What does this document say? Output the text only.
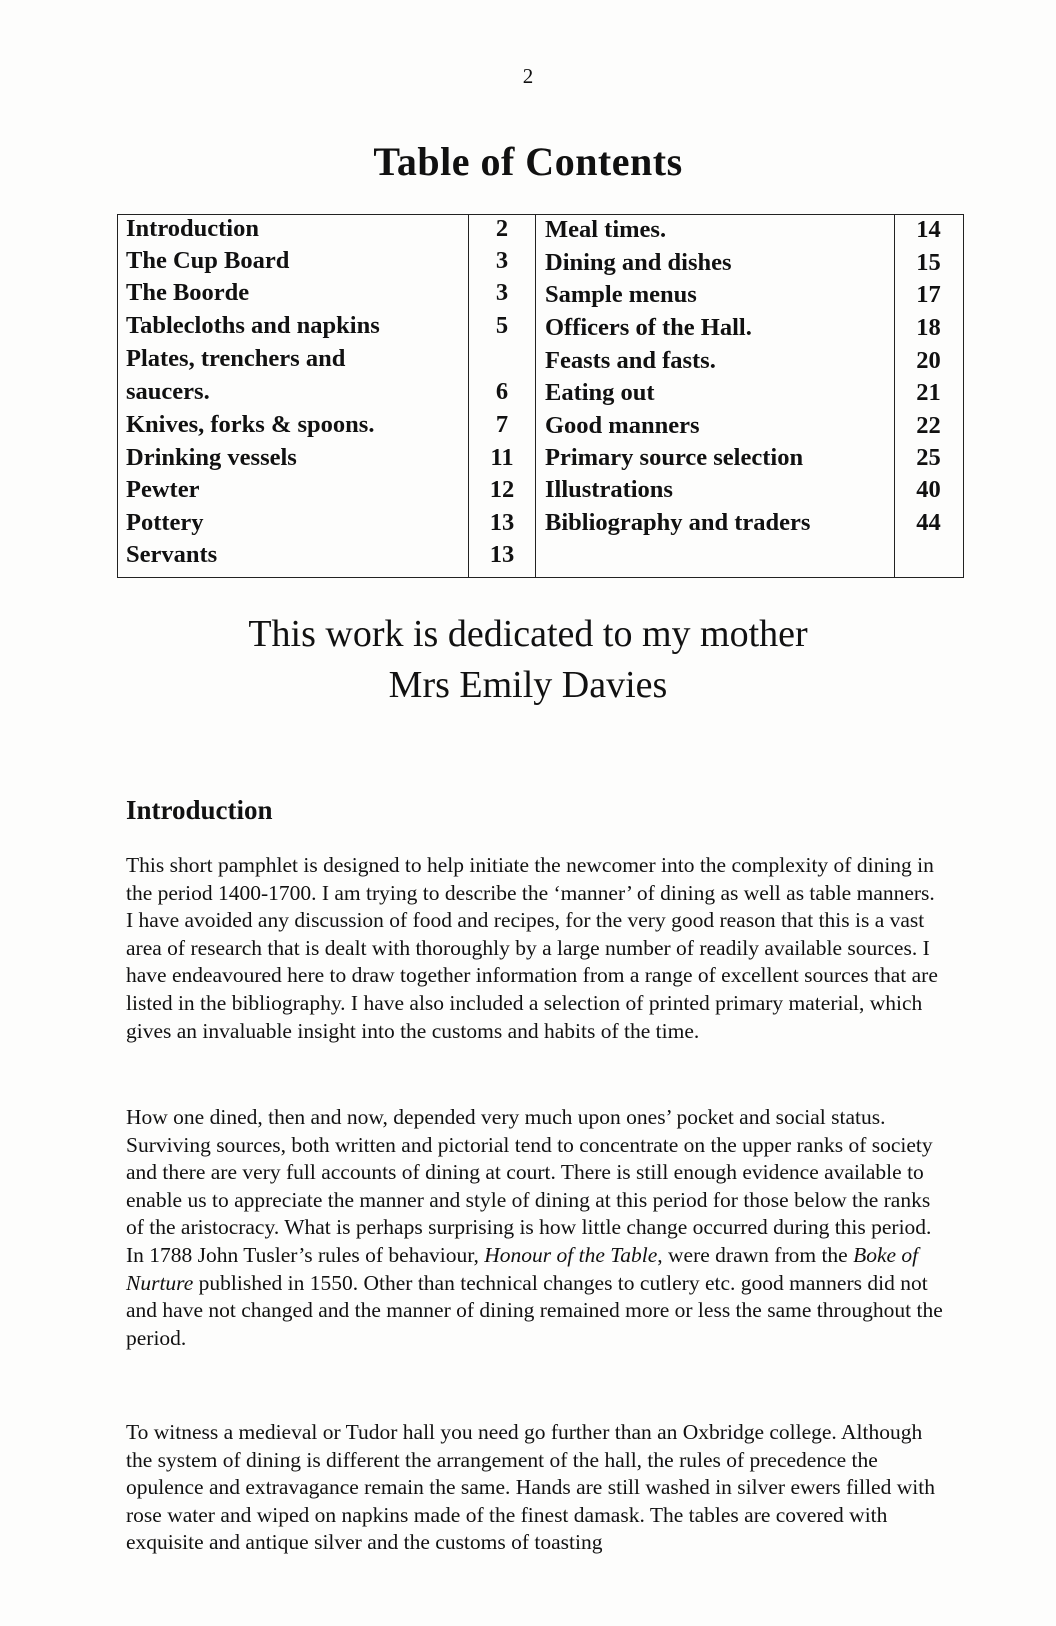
2
Table of Contents
Introduction
The Cup Board
The Boorde
Tablecloths and napkins
Plates, trenchers and
saucers.
Knives, forks & spoons.
Drinking vessels
Pewter
Pottery
Servants
2
3
3
5
6
7
11
12
13
13
Meal times.
Dining and dishes
Sample menus
Officers of the Hall.
Feasts and fasts.
Eating out
Good manners
Primary source selection
Illustrations
Bibliography and traders
14
15
17
18
20
21
22
25
40
44
This work is dedicated to my mother
Mrs Emily Davies
Introduction
This short pamphlet is designed to help initiate the newcomer into the complexity of dining in the period 1400-1700. I am trying to describe the ‘manner’ of dining as well as table manners. I have avoided any discussion of food and recipes, for the very good reason that this is a vast area of research that is dealt with thoroughly by a large number of readily available sources. I have endeavoured here to draw together information from a range of excellent sources that are listed in the bibliography. I have also included a selection of printed primary material, which gives an invaluable insight into the customs and habits of the time.
How one dined, then and now, depended very much upon ones’ pocket and social status. Surviving sources, both written and pictorial tend to concentrate on the upper ranks of society and there are very full accounts of dining at court. There is still enough evidence available to enable us to appreciate the manner and style of dining at this period for those below the ranks of the aristocracy. What is perhaps surprising is how little change occurred during this period. In 1788 John Tusler’s rules of behaviour, Honour of the Table, were drawn from the Boke of Nurture published in 1550. Other than technical changes to cutlery etc. good manners did not and have not changed and the manner of dining remained more or less the same throughout the period.
To witness a medieval or Tudor hall you need go further than an Oxbridge college. Although the system of dining is different the arrangement of the hall, the rules of precedence the opulence and extravagance remain the same. Hands are still washed in silver ewers filled with rose water and wiped on napkins made of the finest damask. The tables are covered with exquisite and antique silver and the customs of toasting
